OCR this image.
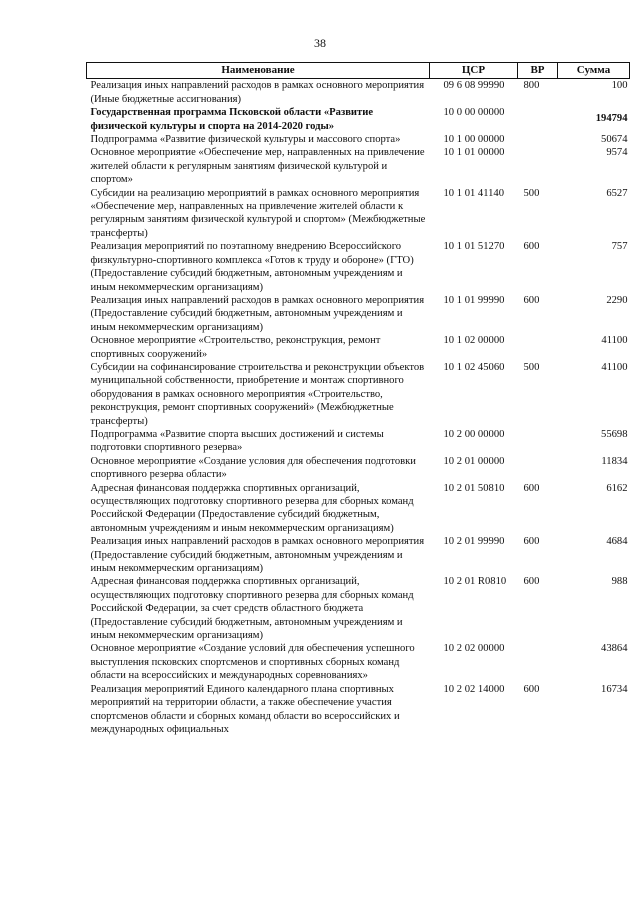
38
Наименование	ЦСР	ВР	Сумма
Реализация иных направлений расходов в рамках основного мероприятия (Иные бюджетные ассигнования)	09 6 08 99990	800	100
Государственная программа Псковской области «Развитие физической культуры и спорта на 2014-2020 годы»	10 0 00 00000		194794
Подпрограмма «Развитие физической культуры и массового спорта»	10 1 00 00000		50674
Основное мероприятие «Обеспечение мер, направленных на привлечение жителей области к регулярным занятиям физической культурой и спортом»	10 1 01 00000		9574
Субсидии на реализацию мероприятий в рамках основного мероприятия «Обеспечение мер, направленных на привлечение жителей области к регулярным занятиям физической культурой и спортом» (Межбюджетные трансферты)	10 1 01 41140	500	6527
Реализация мероприятий по поэтапному внедрению Всероссийского физкультурно-спортивного комплекса «Готов к труду и обороне» (ГТО) (Предоставление субсидий бюджетным, автономным учреждениям и иным некоммерческим организациям)	10 1 01 51270	600	757
Реализация иных направлений расходов в рамках основного мероприятия (Предоставление субсидий бюджетным, автономным учреждениям и иным некоммерческим организациям)	10 1 01 99990	600	2290
Основное мероприятие «Строительство, реконструкция, ремонт спортивных сооружений»	10 1 02 00000		41100
Субсидии на софинансирование строительства и реконструкции объектов муниципальной собственности, приобретение и монтаж спортивного оборудования в рамках основного мероприятия «Строительство, реконструкция, ремонт спортивных сооружений» (Межбюджетные трансферты)	10 1 02 45060	500	41100
Подпрограмма «Развитие спорта высших достижений и системы подготовки спортивного резерва»	10 2 00 00000		55698
Основное мероприятие «Создание условия для обеспечения подготовки спортивного резерва области»	10 2 01 00000		11834
Адресная финансовая поддержка спортивных организаций, осуществляющих подготовку спортивного резерва для сборных команд Российской Федерации (Предоставление субсидий бюджетным, автономным учреждениям и иным некоммерческим организациям)	10 2 01 50810	600	6162
Реализация иных направлений расходов в рамках основного мероприятия (Предоставление субсидий бюджетным, автономным учреждениям и иным некоммерческим организациям)	10 2 01 99990	600	4684
Адресная финансовая поддержка спортивных организаций, осуществляющих подготовку спортивного резерва для сборных команд Российской Федерации, за счет средств областного бюджета (Предоставление субсидий бюджетным, автономным учреждениям и иным некоммерческим организациям)	10 2 01 R0810	600	988
Основное мероприятие «Создание условий для обеспечения успешного выступления псковских спортсменов и спортивных сборных команд области на всероссийских и международных соревнованиях»	10 2 02 00000		43864
Реализация мероприятий Единого календарного плана спортивных мероприятий на территории области, а также обеспечение участия спортсменов области и сборных команд области во всероссийских и международных официальных	10 2 02 14000	600	16734
